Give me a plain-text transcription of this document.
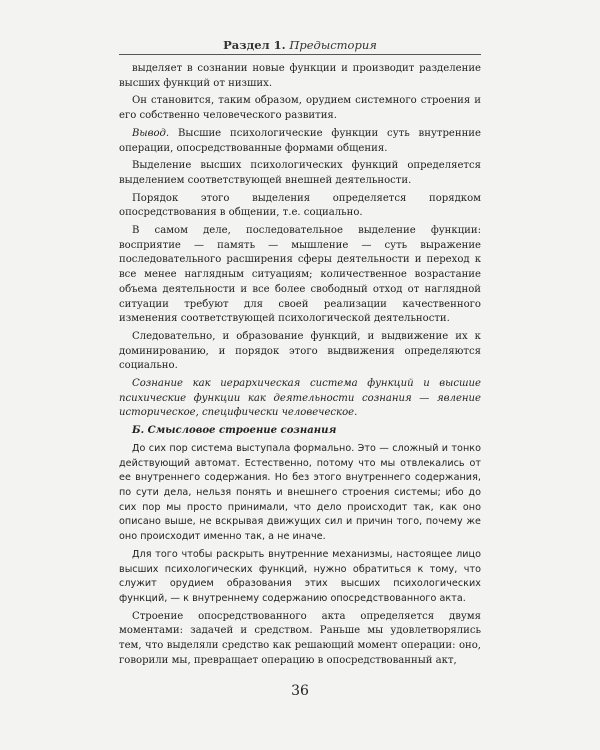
Раздел 1. Предыстория

выделяет в сознании новые функции и производит разделение высших функций от низших.

Он становится, таким образом, орудием системного строения и его собственно человеческого развития.

Вывод. Высшие психологические функции суть внутренние операции, опосредствованные формами общения.

Выделение высших психологических функций определяется выделением соответствующей внешней деятельности.

Порядок этого выделения определяется порядком опосредствования в общении, т.е. социально.

В самом деле, последовательное выделение функции: восприятие — память — мышление — суть выражение последовательного расширения сферы деятельности и переход к все менее наглядным ситуациям; количественное возрастание объема деятельности и все более свободный отход от наглядной ситуации требуют для своей реализации качественного изменения соответствующей психологической деятельности.

Следовательно, и образование функций, и выдвижение их к доминированию, и порядок этого выдвижения определяются социально.

Сознание как иерархическая система функций и высшие психические функции как деятельности сознания — явление историческое, специфически человеческое.

Б. Смысловое строение сознания

До сих пор система выступала формально. Это — сложный и тонко действующий автомат. Естественно, потому что мы отвлекались от ее внутреннего содержания. Но без этого внутреннего содержания, по сути дела, нельзя понять и внешнего строения системы; ибо до сих пор мы просто принимали, что дело происходит так, как оно описано выше, не вскрывая движущих сил и причин того, почему же оно происходит именно так, а не иначе.

Для того чтобы раскрыть внутренние механизмы, настоящее лицо высших психологических функций, нужно обратиться к тому, что служит орудием образования этих высших психологических функций, — к внутреннему содержанию опосредствованного акта.

Строение опосредствованного акта определяется двумя моментами: задачей и средством. Раньше мы удовлетворялись тем, что выделяли средство как решающий момент операции: оно, говорили мы, превращает операцию в опосредствованный акт,

36
